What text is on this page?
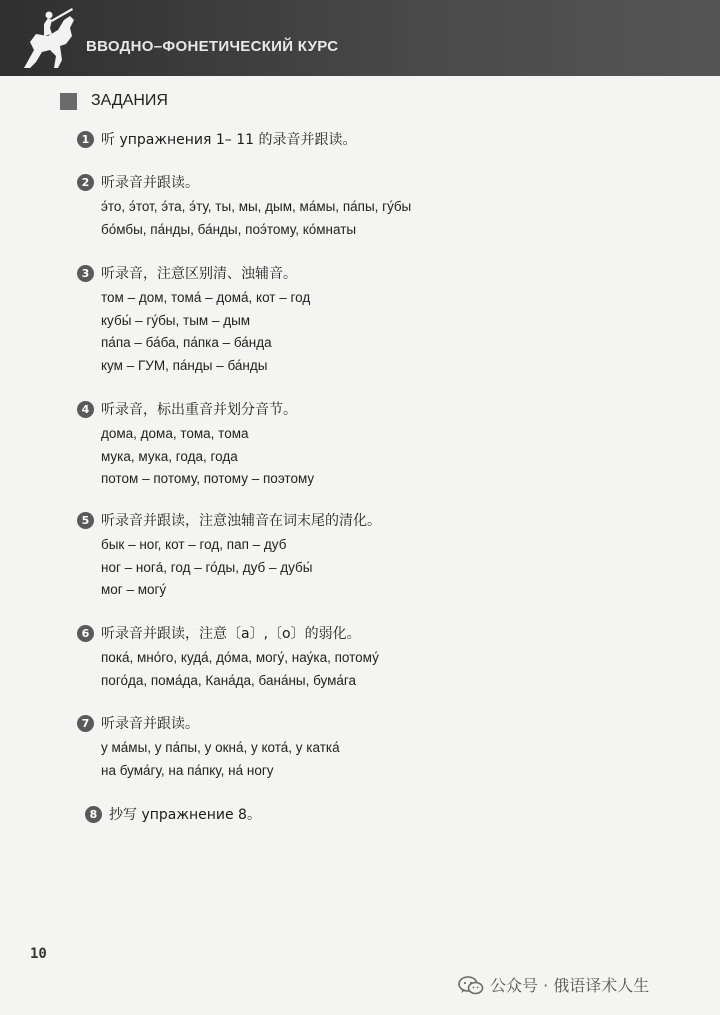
ВВОДНО–ФОНЕТИЧЕСКИЙ КУРС
ЗАДАНИЯ
1 听 упражнения 1– 11 的录音并跟读。
2 听录音并跟读。
э́то, э́тот, э́та, э́ту, ты, мы, дым, ма́мы, па́пы, гу́бы
бо́мбы, па́нды, ба́нды, поэ́тому, ко́мнаты
3 听录音，注意区别清、浊辅音。
том – дом, тома́ – дома́, кот – год
кубы́ – гу́бы, тым – дым
па́па – ба́ба, па́пка – ба́нда
кум – ГУМ, па́нды – ба́нды
4 听录音，标出重音并划分音节。
дома, дома, тома, тома
мука, мука, года, года
потом – потому, потому – поэтому
5 听录音并跟读，注意浊辅音在词末尾的清化。
бык – ног, кот – год, пап – дуб
ног – ногá, год – го́ды, дуб – дубы́
мог – могу́
6 听录音并跟读，注意〔а〕,〔о〕的弱化。
пока́, мно́го, куда́, до́ма, могу́, нау́ка, потому́
пого́да, пома́да, Кана́да, бана́ны, бума́га
7 听录音并跟读。
у ма́мы, у па́пы, у окна́, у кота́, у катка́
на бума́гу, на па́пку, на́ ногу
8 抄写 упражнение 8。
10
公众号 · 俄语译术人生
